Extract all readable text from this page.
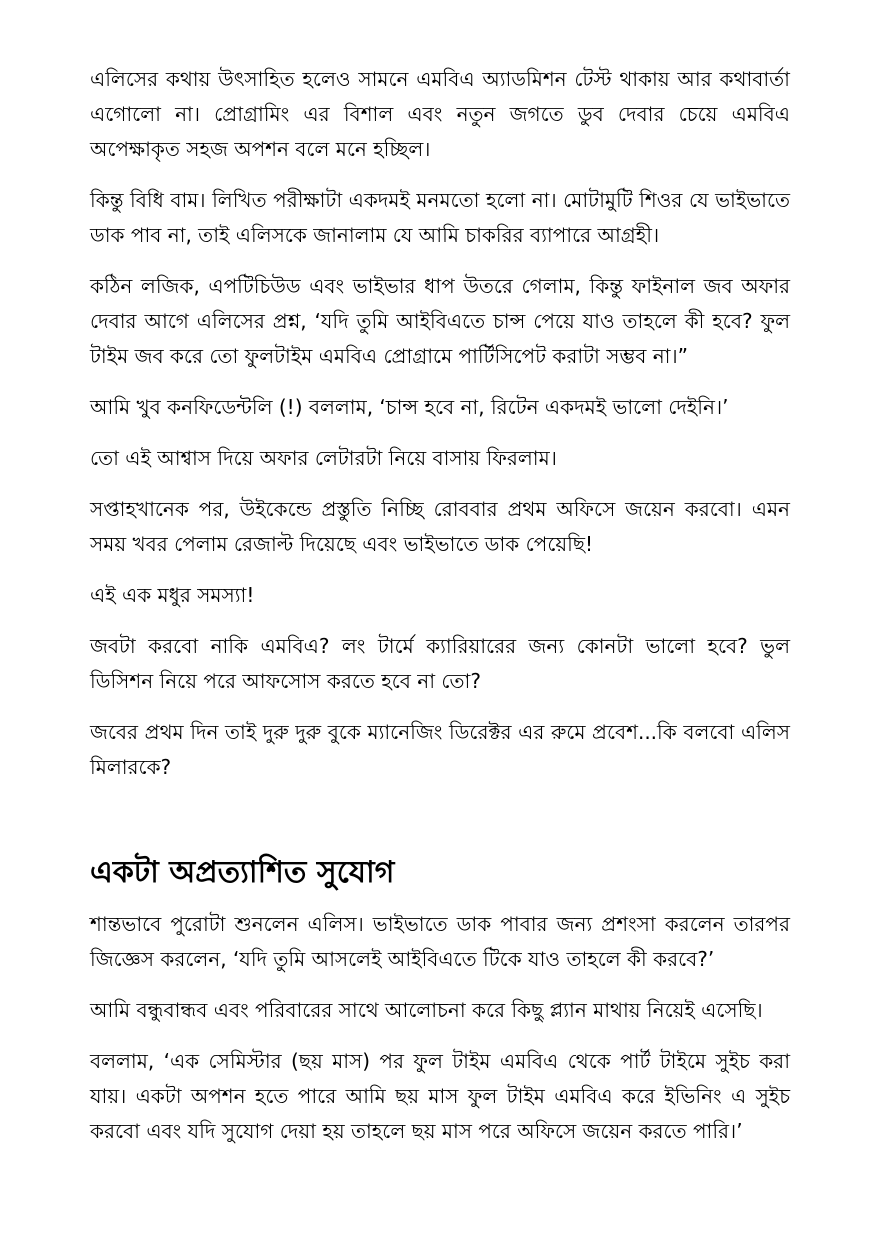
এলিসের কথায় উৎসাহিত হলেও সামনে এমবিএ অ্যাডমিশন টেস্ট থাকায় আর কথাবার্তা এগোলো না। প্রোগ্রামিং এর বিশাল এবং নতুন জগতে ডুব দেবার চেয়ে এমবিএ অপেক্ষাকৃত সহজ অপশন বলে মনে হচ্ছিল।

কিন্তু বিধি বাম। লিখিত পরীক্ষাটা একদমই মনমতো হলো না। মোটামুটি শিওর যে ভাইভাতে ডাক পাব না, তাই এলিসকে জানালাম যে আমি চাকরির ব্যাপারে আগ্রহী।

কঠিন লজিক, এপটিচিউড এবং ভাইভার ধাপ উতরে গেলাম, কিন্তু ফাইনাল জব অফার দেবার আগে এলিসের প্রশ্ন, ‘যদি তুমি আইবিএতে চান্স পেয়ে যাও তাহলে কী হবে? ফুল টাইম জব করে তো ফুলটাইম এমবিএ প্রোগ্রামে পার্টিসিপেট করাটা সম্ভব না।”

আমি খুব কনফিডেন্টলি (!) বললাম, ‘চান্স হবে না, রিটেন একদমই ভালো দেইনি।’

তো এই আশ্বাস দিয়ে অফার লেটারটা নিয়ে বাসায় ফিরলাম।

সপ্তাহখানেক পর, উইকেন্ডে প্রস্তুতি নিচ্ছি রোববার প্রথম অফিসে জয়েন করবো। এমন সময় খবর পেলাম রেজাল্ট দিয়েছে এবং ভাইভাতে ডাক পেয়েছি!

এই এক মধুর সমস্যা!

জবটা করবো নাকি এমবিএ? লং টার্মে ক্যারিয়ারের জন্য কোনটা ভালো হবে? ভুল ডিসিশন নিয়ে পরে আফসোস করতে হবে না তো?

জবের প্রথম দিন তাই দুরু দুরু বুকে ম্যানেজিং ডিরেক্টর এর রুমে প্রবেশ...কি বলবো এলিস মিলারকে?

একটা অপ্রত্যাশিত সুযোগ

শান্তভাবে পুরোটা শুনলেন এলিস। ভাইভাতে ডাক পাবার জন্য প্রশংসা করলেন তারপর জিজ্ঞেস করলেন, ‘যদি তুমি আসলেই আইবিএতে টিকে যাও তাহলে কী করবে?’

আমি বন্ধুবান্ধব এবং পরিবারের সাথে আলোচনা করে কিছু প্ল্যান মাথায় নিয়েই এসেছি।

বললাম, ‘এক সেমিস্টার (ছয় মাস) পর ফুল টাইম এমবিএ থেকে পার্ট টাইমে সুইচ করা যায়। একটা অপশন হতে পারে আমি ছয় মাস ফুল টাইম এমবিএ করে ইভিনিং এ সুইচ করবো এবং যদি সুযোগ দেয়া হয় তাহলে ছয় মাস পরে অফিসে জয়েন করতে পারি।’
